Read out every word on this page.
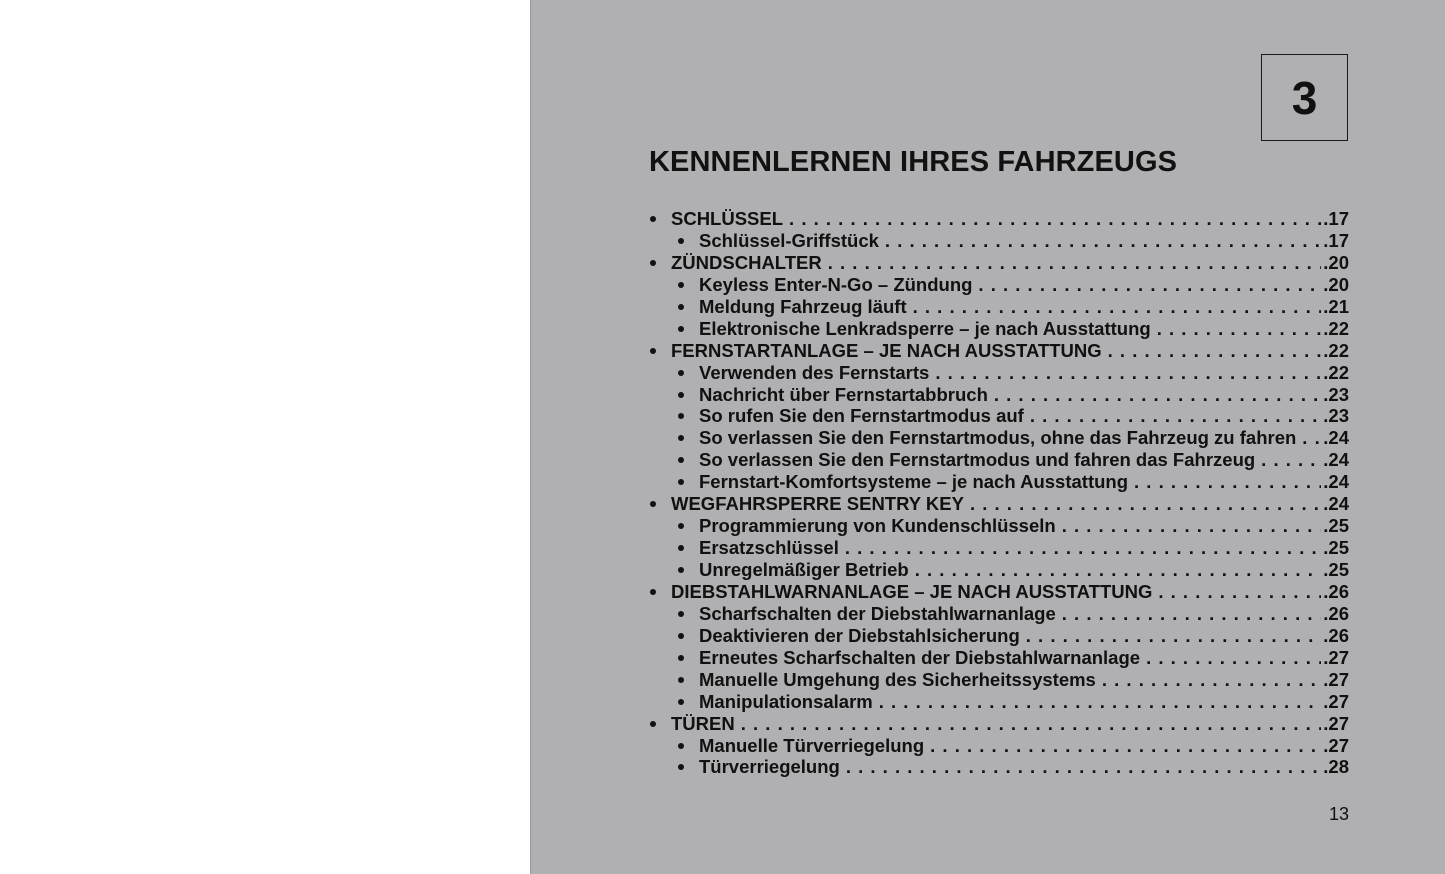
3
KENNENLERNEN IHRES FAHRZEUGS
SCHLÜSSEL . . .	.17
Schlüssel-Griffstück . . .	.17
ZÜNDSCHALTER . . .	.20
Keyless Enter-N-Go – Zündung . . .	.20
Meldung Fahrzeug läuft . . .	.21
Elektronische Lenkradsperre – je nach Ausstattung . . .	.22
FERNSTARTANLAGE – JE NACH AUSSTATTUNG . . .	.22
Verwenden des Fernstarts . . .	.22
Nachricht über Fernstartabbruch . . .	.23
So rufen Sie den Fernstartmodus auf . . .	.23
So verlassen Sie den Fernstartmodus, ohne das Fahrzeug zu fahren . . . .24
So verlassen Sie den Fernstartmodus und fahren das Fahrzeug . . .	.24
Fernstart-Komfortsysteme – je nach Ausstattung . . .	.24
WEGFAHRSPERRE SENTRY KEY . . .	.24
Programmierung von Kundenschlüsseln . . .	.25
Ersatzschlüssel . . .	.25
Unregelmäßiger Betrieb . . .	.25
DIEBSTAHLWARNANLAGE – JE NACH AUSSTATTUNG . . .	.26
Scharfschalten der Diebstahlwarnanlage . . .	.26
Deaktivieren der Diebstahlsicherung . . .	.26
Erneutes Scharfschalten der Diebstahlwarnanlage . . .	.27
Manuelle Umgehung des Sicherheitssystems . . .	.27
Manipulationsalarm . . .	.27
TÜREN . . .	.27
Manuelle Türverriegelung . . .	.27
Türverriegelung . . .	.28
13
